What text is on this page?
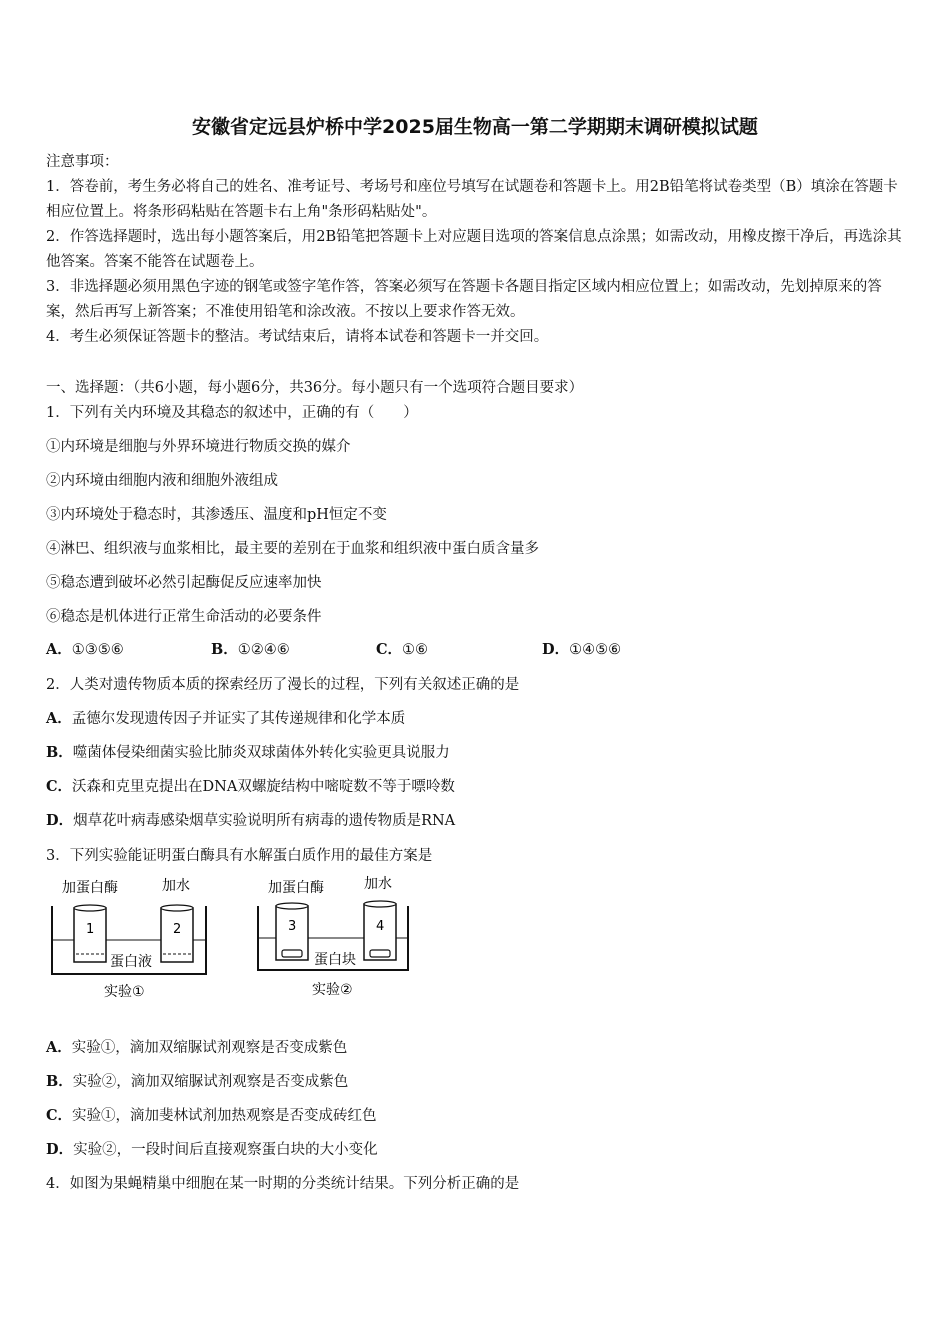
安徽省定远县炉桥中学2025届生物高一第二学期期末调研模拟试题

注意事项：

1．答卷前，考生务必将自己的姓名、准考证号、考场号和座位号填写在试题卷和答题卡上。用2B铅笔将试卷类型（B）填涂在答题卡相应位置上。将条形码粘贴在答题卡右上角"条形码粘贴处"。

2．作答选择题时，选出每小题答案后，用2B铅笔把答题卡上对应题目选项的答案信息点涂黑；如需改动，用橡皮擦干净后，再选涂其他答案。答案不能答在试题卷上。

3．非选择题必须用黑色字迹的钢笔或签字笔作答，答案必须写在答题卡各题目指定区域内相应位置上；如需改动，先划掉原来的答案，然后再写上新答案；不准使用铅笔和涂改液。不按以上要求作答无效。

4．考生必须保证答题卡的整洁。考试结束后，请将本试卷和答题卡一并交回。

一、选择题：（共6小题，每小题6分，共36分。每小题只有一个选项符合题目要求）
1．下列有关内环境及其稳态的叙述中，正确的有（　　）
①内环境是细胞与外界环境进行物质交换的媒介
②内环境由细胞内液和细胞外液组成
③内环境处于稳态时，其渗透压、温度和pH恒定不变
④淋巴、组织液与血浆相比，最主要的差别在于血浆和组织液中蛋白质含量多
⑤稳态遭到破坏必然引起酶促反应速率加快
⑥稳态是机体进行正常生命活动的必要条件
A．①③⑤⑥	B．①②④⑥	C．①⑥	D．①④⑤⑥
2．人类对遗传物质本质的探索经历了漫长的过程，下列有关叙述正确的是
A．孟德尔发现遗传因子并证实了其传递规律和化学本质
B．噬菌体侵染细菌实验比肺炎双球菌体外转化实验更具说服力
C．沃森和克里克提出在DNA双螺旋结构中嘧啶数不等于嘌呤数
D．烟草花叶病毒感染烟草实验说明所有病毒的遗传物质是RNA
3．下列实验能证明蛋白酶具有水解蛋白质作用的最佳方案是
加蛋白酶	加水
1	2
蛋白液
实验①
加蛋白酶	加水
3	4
蛋白块
实验②
A．实验①，滴加双缩脲试剂观察是否变成紫色
B．实验②，滴加双缩脲试剂观察是否变成紫色
C．实验①，滴加斐林试剂加热观察是否变成砖红色
D．实验②，一段时间后直接观察蛋白块的大小变化
4．如图为果蝇精巢中细胞在某一时期的分类统计结果。下列分析正确的是
